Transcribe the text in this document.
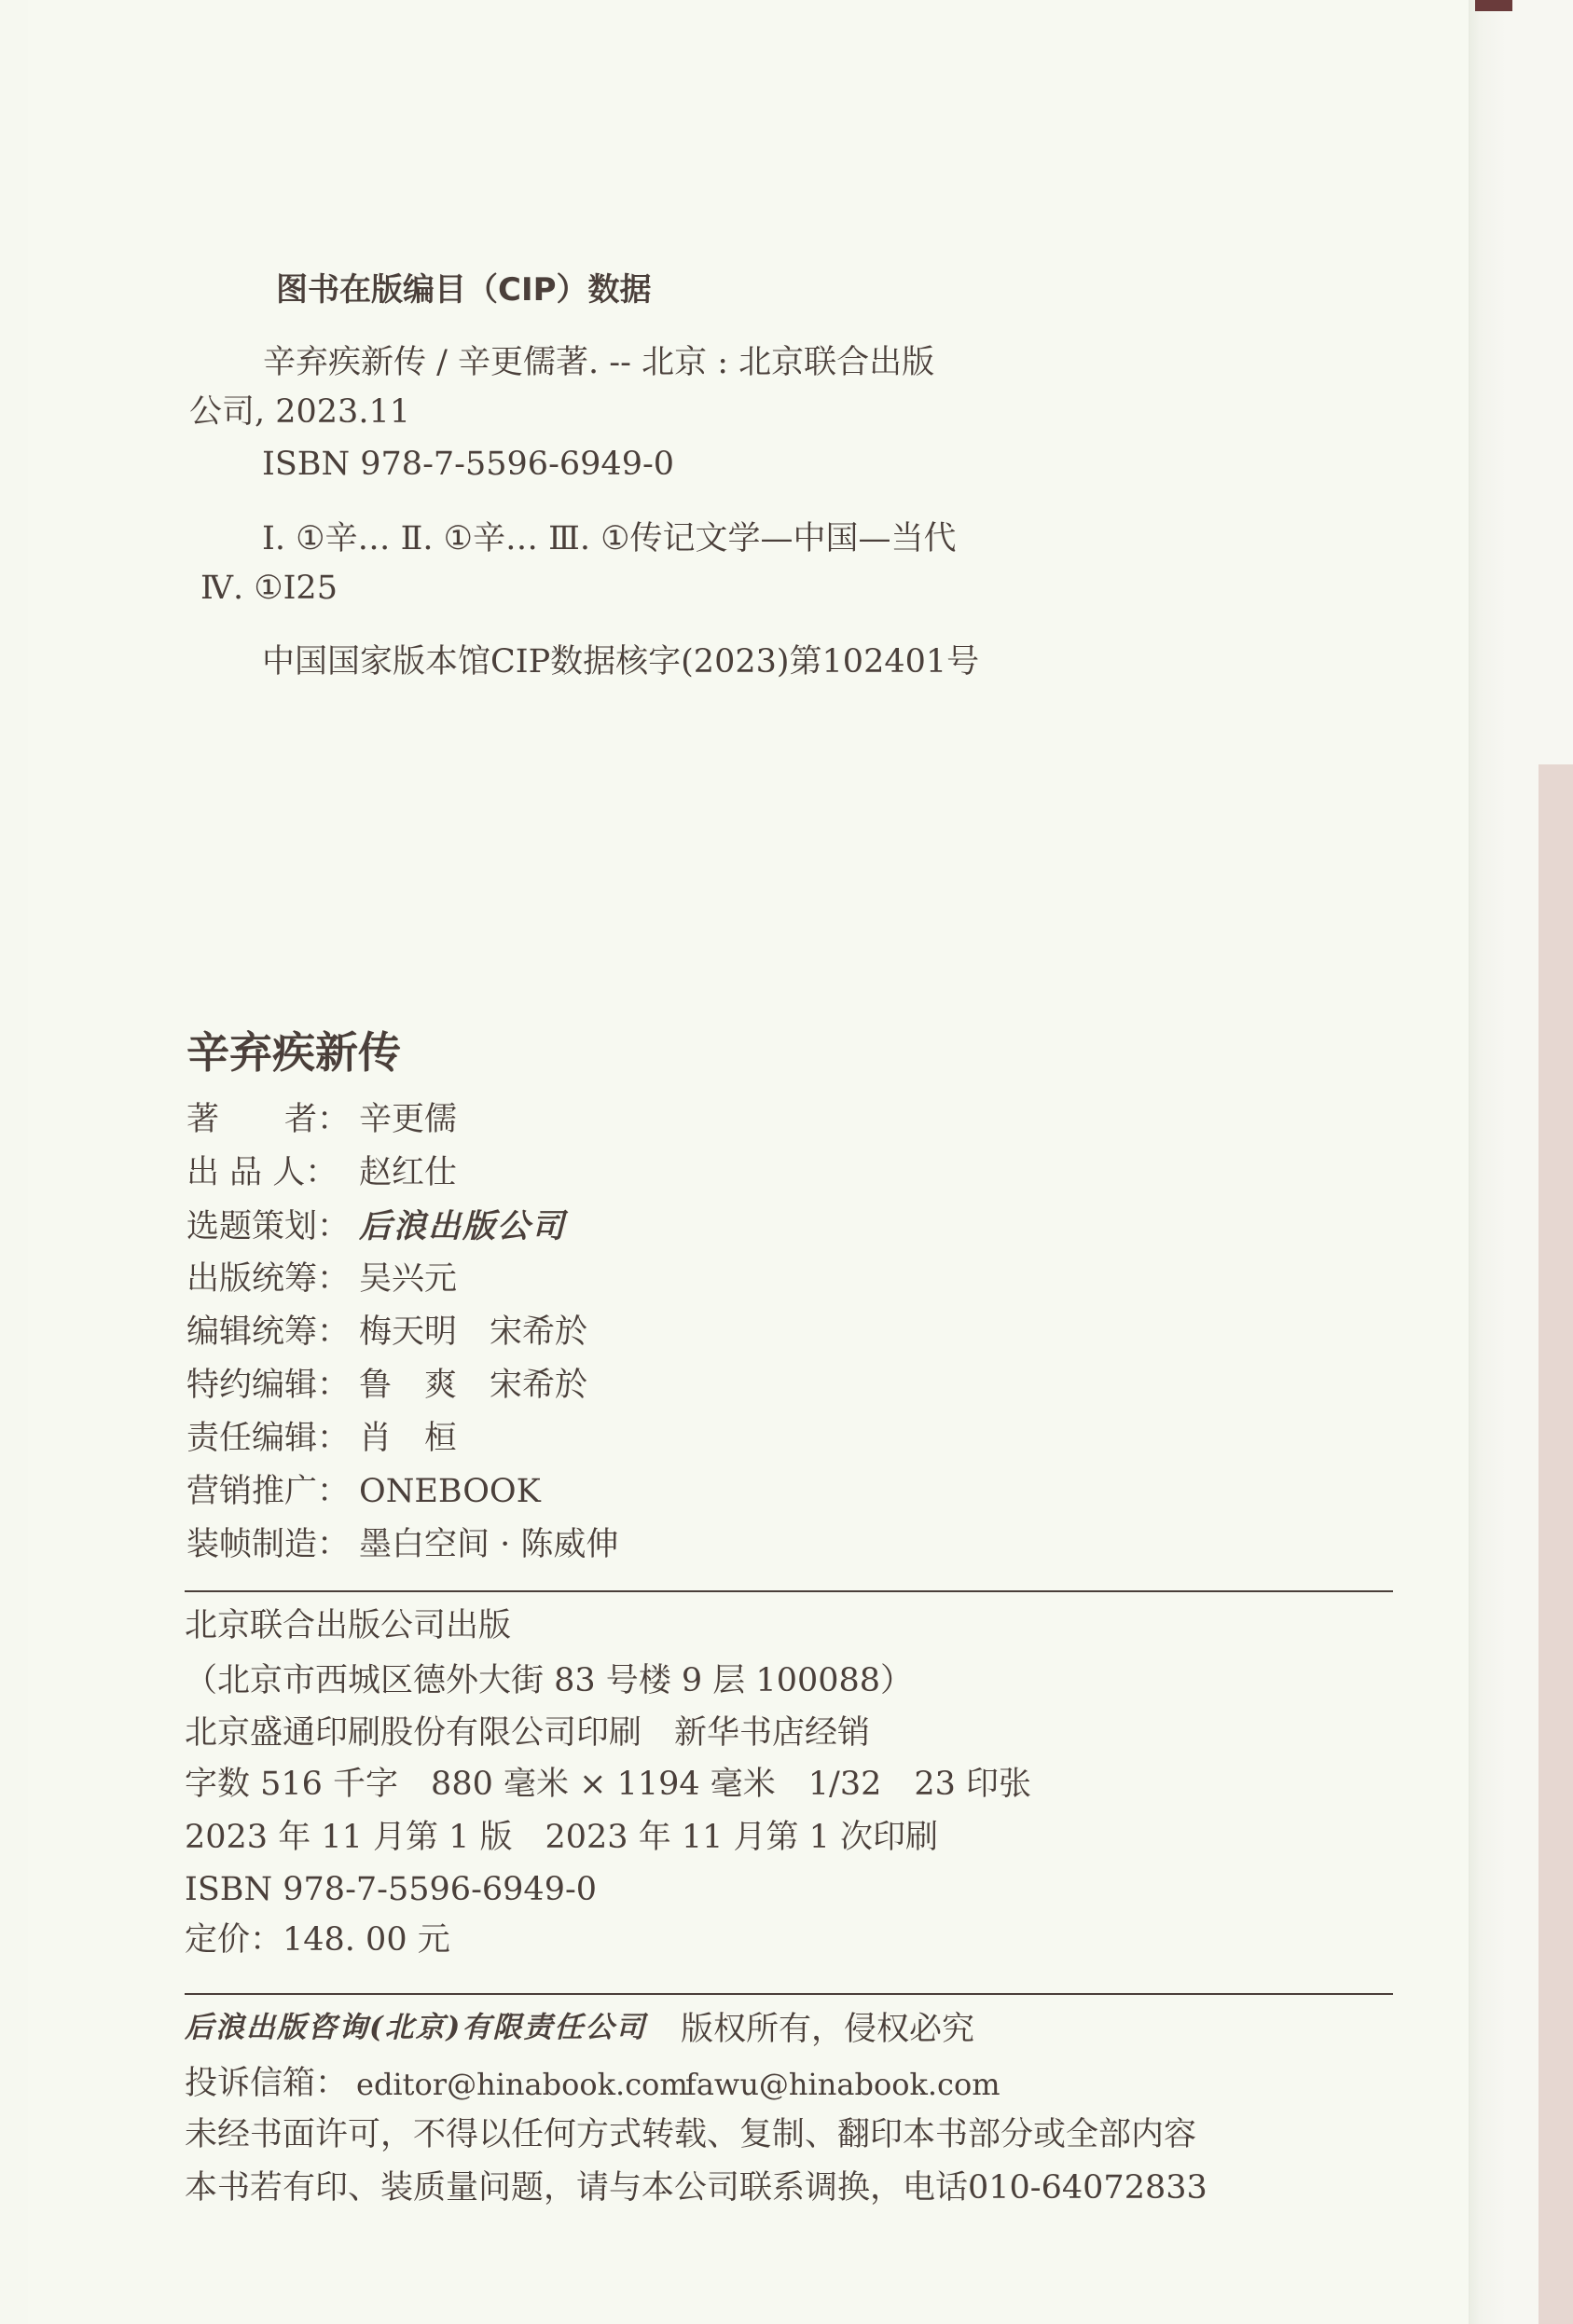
图书在版编目（CIP）数据
辛弃疾新传 / 辛更儒著. -- 北京 : 北京联合出版
公司, 2023.11
ISBN 978-7-5596-6949-0
Ⅰ. ①辛… Ⅱ. ①辛… Ⅲ. ①传记文学—中国—当代
Ⅳ. ①I25
中国国家版本馆CIP数据核字(2023)第102401号
辛弃疾新传
著　　者： 辛更儒
出 品 人： 赵红仕
选题策划： 后浪出版公司
出版统筹： 吴兴元
编辑统筹： 梅天明　宋希於
特约编辑： 鲁　爽　宋希於
责任编辑： 肖　桓
营销推广： ONEBOOK
装帧制造： 墨白空间 · 陈威伸
北京联合出版公司出版
（北京市西城区德外大街 83 号楼 9 层 100088）
北京盛通印刷股份有限公司印刷　新华书店经销
字数 516 千字　880 毫米 × 1194 毫米　1/32　23 印张
2023 年 11 月第 1 版　2023 年 11 月第 1 次印刷
ISBN 978-7-5596-6949-0
定价：148. 00 元
后浪出版咨询(北京)有限责任公司 版权所有，侵权必究
投诉信箱： editor@hinabook.com
fawu@hinabook.com
未经书面许可，不得以任何方式转载、复制、翻印本书部分或全部内容
本书若有印、装质量问题，请与本公司联系调换，电话010-64072833
